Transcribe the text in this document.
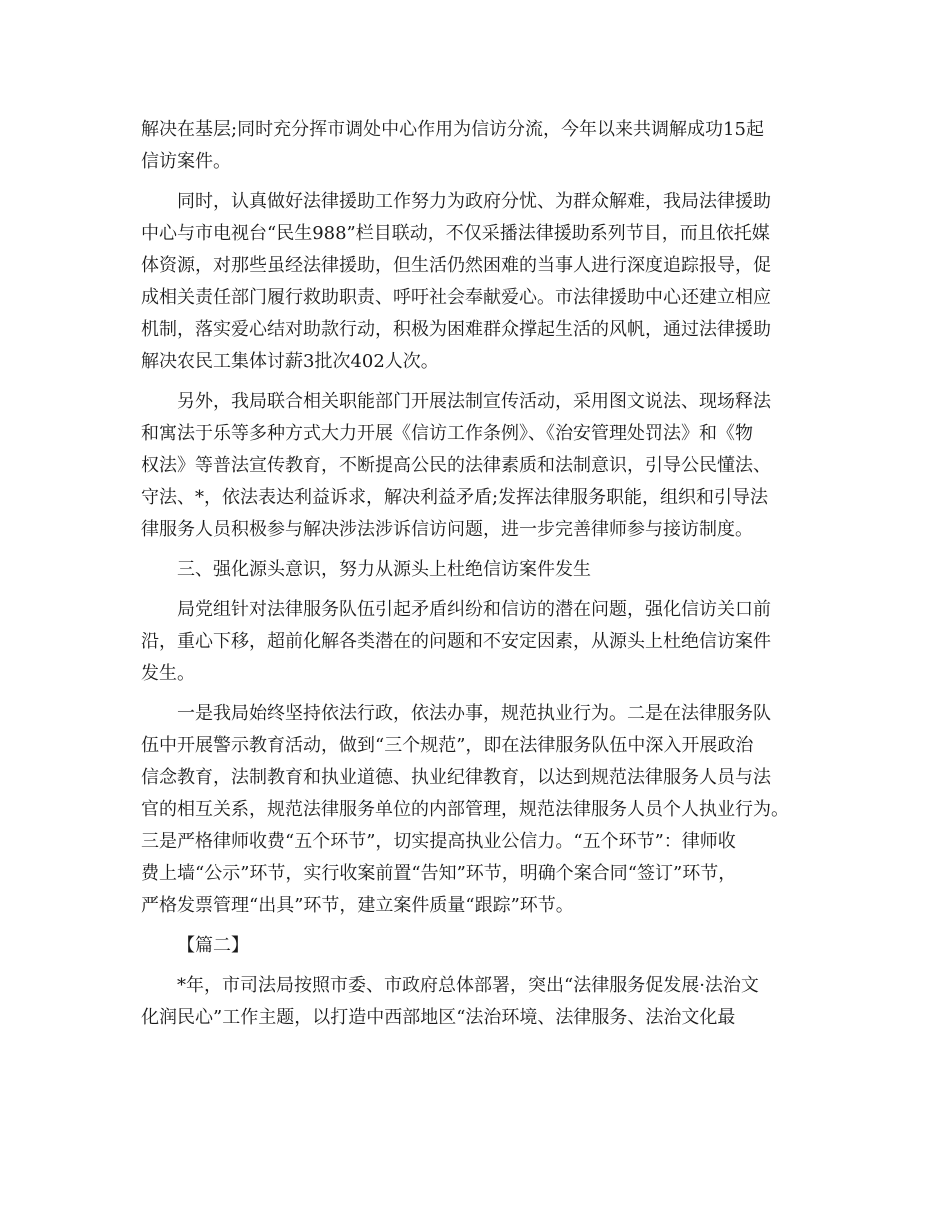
解决在基层;同时充分挥市调处中心作用为信访分流，今年以来共调解成功15起
信访案件。
同时，认真做好法律援助工作努力为政府分忧、为群众解难，我局法律援助
中心与市电视台“民生988”栏目联动，不仅采播法律援助系列节目，而且依托媒
体资源，对那些虽经法律援助，但生活仍然困难的当事人进行深度追踪报导，促
成相关责任部门履行救助职责、呼吁社会奉献爱心。市法律援助中心还建立相应
机制，落实爱心结对助款行动，积极为困难群众撑起生活的风帆，通过法律援助
解决农民工集体讨薪3批次402人次。
另外，我局联合相关职能部门开展法制宣传活动，采用图文说法、现场释法
和寓法于乐等多种方式大力开展《信访工作条例》、《治安管理处罚法》和《物
权法》等普法宣传教育，不断提高公民的法律素质和法制意识，引导公民懂法、
守法、*，依法表达利益诉求，解决利益矛盾;发挥法律服务职能，组织和引导法
律服务人员积极参与解决涉法涉诉信访问题，进一步完善律师参与接访制度。
三、强化源头意识，努力从源头上杜绝信访案件发生
局党组针对法律服务队伍引起矛盾纠纷和信访的潜在问题，强化信访关口前
沿，重心下移，超前化解各类潜在的问题和不安定因素，从源头上杜绝信访案件
发生。
一是我局始终坚持依法行政，依法办事，规范执业行为。二是在法律服务队
伍中开展警示教育活动，做到“三个规范”，即在法律服务队伍中深入开展政治
信念教育，法制教育和执业道德、执业纪律教育，以达到规范法律服务人员与法
官的相互关系，规范法律服务单位的内部管理，规范法律服务人员个人执业行为。
三是严格律师收费“五个环节”，切实提高执业公信力。“五个环节”：律师收
费上墙“公示”环节，实行收案前置“告知”环节，明确个案合同“签订”环节，
严格发票管理“出具”环节，建立案件质量“跟踪”环节。
【篇二】
*年，市司法局按照市委、市政府总体部署，突出“法律服务促发展·法治文
化润民心”工作主题，以打造中西部地区“法治环境、法律服务、法治文化最
